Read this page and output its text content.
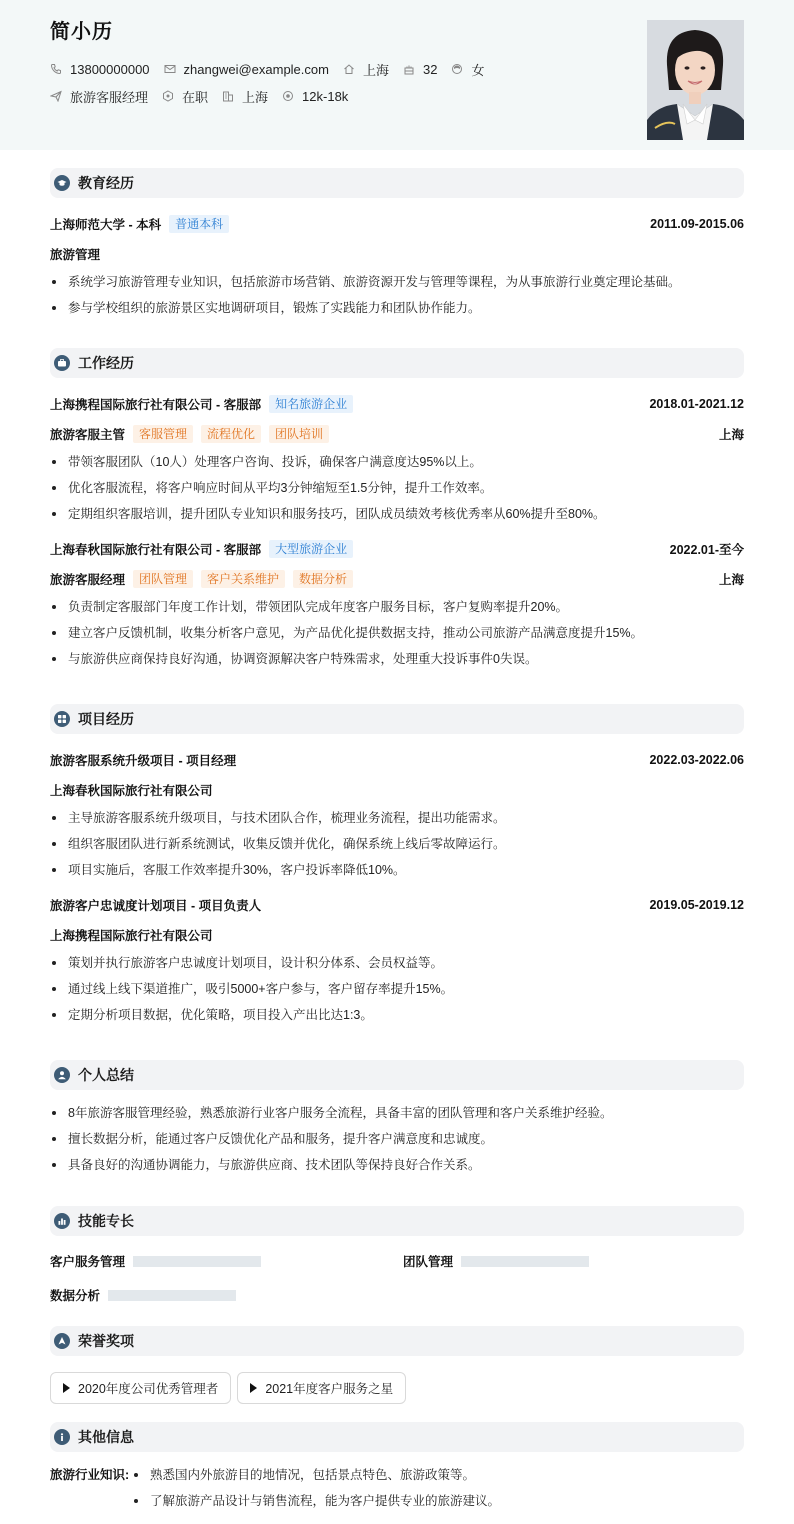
简小历
13800000000	zhangwei@example.com	上海	32	女
旅游客服经理	在职	上海	12k-18k
教育经历
上海师范大学 - 本科	普通本科	2011.09-2015.06
旅游管理
系统学习旅游管理专业知识，包括旅游市场营销、旅游资源开发与管理等课程，为从事旅游行业奠定理论基础。
参与学校组织的旅游景区实地调研项目，锻炼了实践能力和团队协作能力。
工作经历
上海携程国际旅行社有限公司 - 客服部	知名旅游企业	2018.01-2021.12
旅游客服主管	客服管理	流程优化	团队培训	上海
带领客服团队（10人）处理客户咨询、投诉，确保客户满意度达95%以上。
优化客服流程，将客户响应时间从平均3分钟缩短至1.5分钟，提升工作效率。
定期组织客服培训，提升团队专业知识和服务技巧，团队成员绩效考核优秀率从60%提升至80%。
上海春秋国际旅行社有限公司 - 客服部	大型旅游企业	2022.01-至今
旅游客服经理	团队管理	客户关系维护	数据分析	上海
负责制定客服部门年度工作计划，带领团队完成年度客户服务目标，客户复购率提升20%。
建立客户反馈机制，收集分析客户意见，为产品优化提供数据支持，推动公司旅游产品满意度提升15%。
与旅游供应商保持良好沟通，协调资源解决客户特殊需求，处理重大投诉事件0失误。
项目经历
旅游客服系统升级项目 - 项目经理	2022.03-2022.06
上海春秋国际旅行社有限公司
主导旅游客服系统升级项目，与技术团队合作，梳理业务流程，提出功能需求。
组织客服团队进行新系统测试，收集反馈并优化，确保系统上线后零故障运行。
项目实施后，客服工作效率提升30%，客户投诉率降低10%。
旅游客户忠诚度计划项目 - 项目负责人	2019.05-2019.12
上海携程国际旅行社有限公司
策划并执行旅游客户忠诚度计划项目，设计积分体系、会员权益等。
通过线上线下渠道推广，吸引5000+客户参与，客户留存率提升15%。
定期分析项目数据，优化策略，项目投入产出比达1:3。
个人总结
8年旅游客服管理经验，熟悉旅游行业客户服务全流程，具备丰富的团队管理和客户关系维护经验。
擅长数据分析，能通过客户反馈优化产品和服务，提升客户满意度和忠诚度。
具备良好的沟通协调能力，与旅游供应商、技术团队等保持良好合作关系。
技能专长
客户服务管理	团队管理
数据分析
荣誉奖项
2020年度公司优秀管理者	2021年度客户服务之星
其他信息
旅游行业知识:	熟悉国内外旅游目的地情况，包括景点特色、旅游政策等。
了解旅游产品设计与销售流程，能为客户提供专业的旅游建议。
